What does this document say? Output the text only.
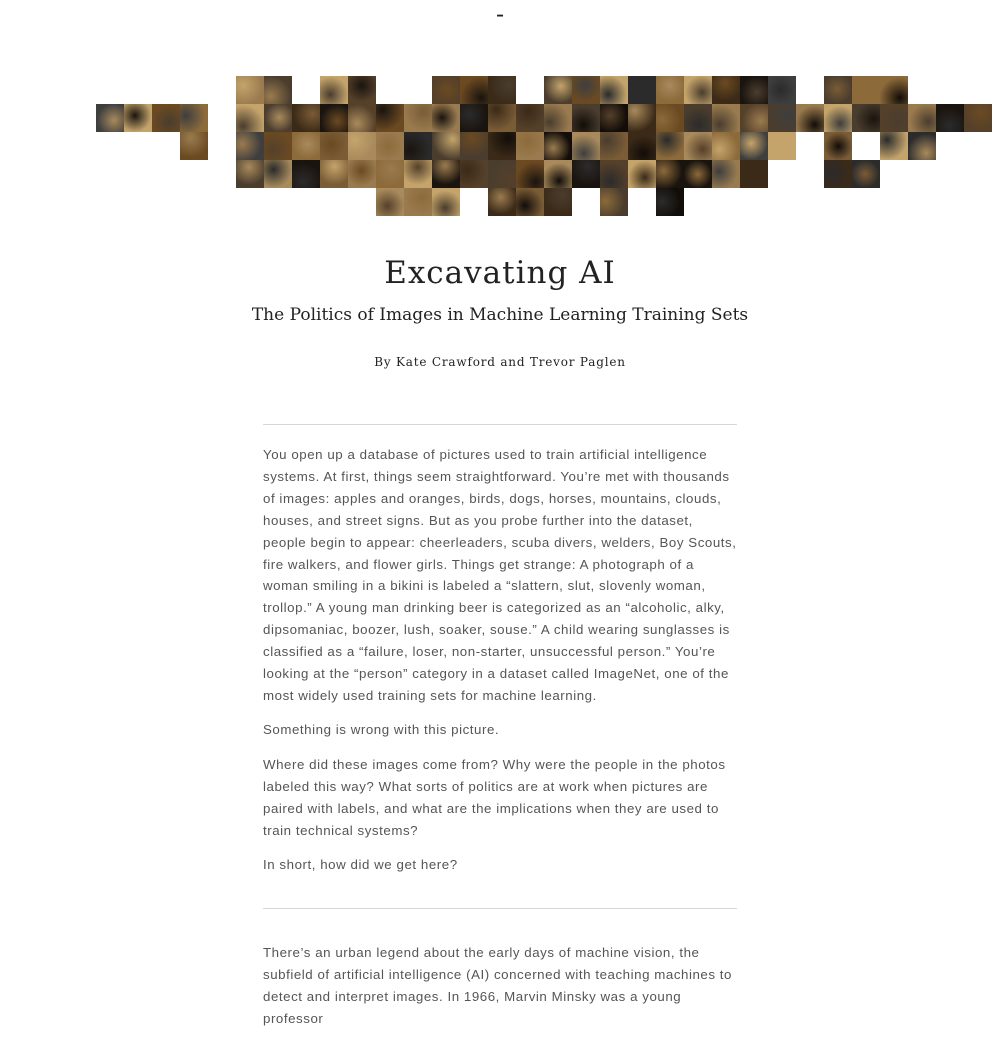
-
Excavating AI
The Politics of Images in Machine Learning Training Sets
By Kate Crawford and Trevor Paglen

You open up a database of pictures used to train artificial intelligence systems. At first, things seem straightforward. You’re met with thousands of images: apples and oranges, birds, dogs, horses, mountains, clouds, houses, and street signs. But as you probe further into the dataset, people begin to appear: cheerleaders, scuba divers, welders, Boy Scouts, fire walkers, and flower girls. Things get strange: A photograph of a woman smiling in a bikini is labeled a “slattern, slut, slovenly woman, trollop.” A young man drinking beer is categorized as an “alcoholic, alky, dipsomaniac, boozer, lush, soaker, souse.” A child wearing sunglasses is classified as a “failure, loser, non-starter, unsuccessful person.” You’re looking at the “person” category in a dataset called ImageNet, one of the most widely used training sets for machine learning.

Something is wrong with this picture.

Where did these images come from? Why were the people in the photos labeled this way? What sorts of politics are at work when pictures are paired with labels, and what are the implications when they are used to train technical systems?

In short, how did we get here?

There’s an urban legend about the early days of machine vision, the subfield of artificial intelligence (AI) concerned with teaching machines to detect and interpret images. In 1966, Marvin Minsky was a young professor
